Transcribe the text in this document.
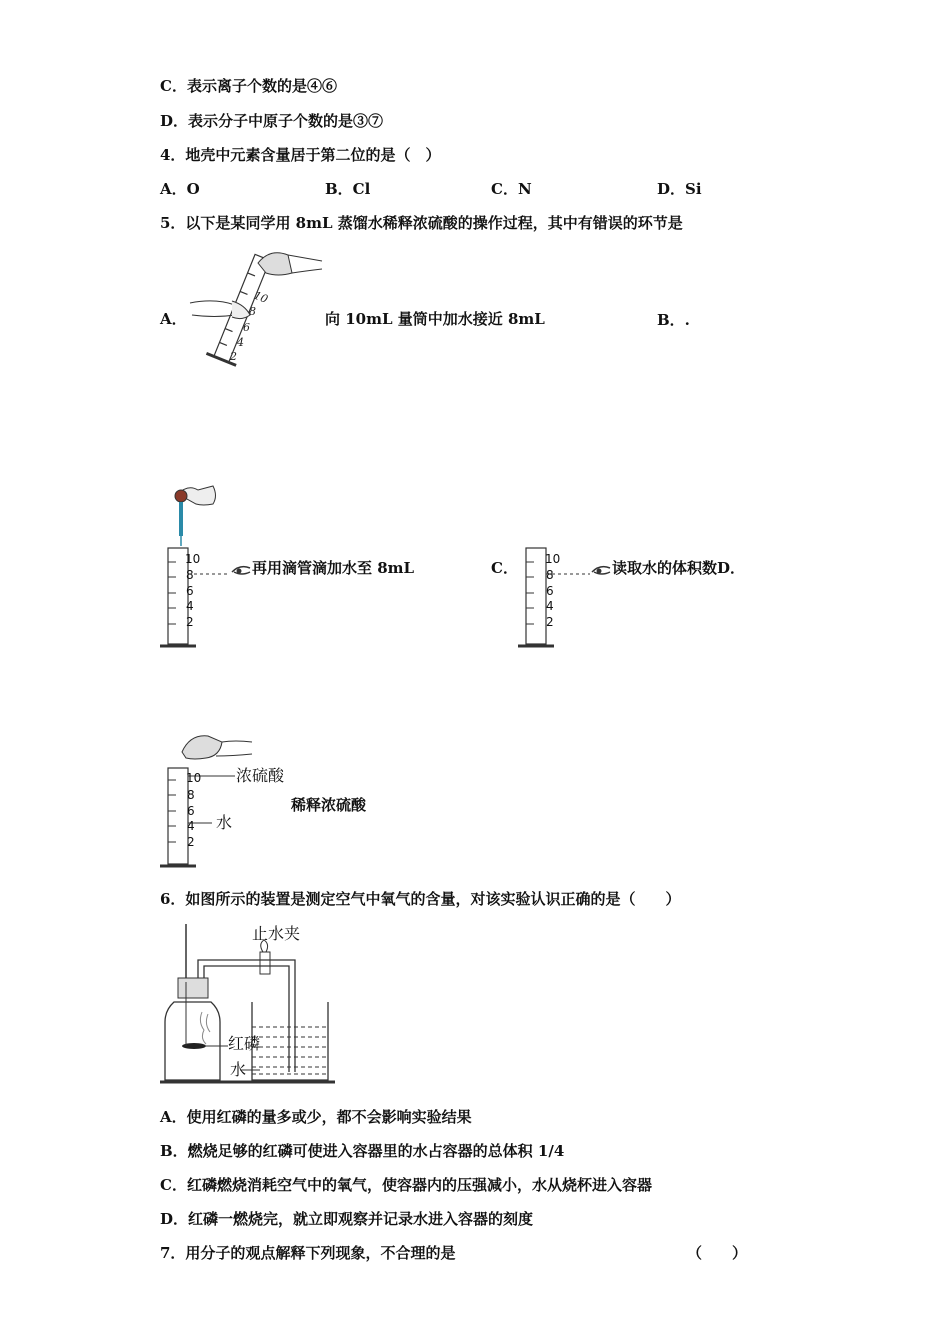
C．表示离子个数的是④⑥
D．表示分子中原子个数的是③⑦
4．地壳中元素含量居于第二位的是（　）
A．O	B．Cl	C．N	D．Si
5．以下是某同学用 8mL 蒸馏水稀释浓硫酸的操作过程，其中有错误的环节是
A．
10
8
6
4
2
向 10mL 量筒中加水接近 8mL	B．.
10
8
6
4
2
再用滴管滴加水至 8mL	C． 10
8
6
4
2
读取水的体积数D．
10
8
6
4
2
浓硫酸
水
稀释浓硫酸
6．如图所示的装置是测定空气中氧气的含量，对该实验认识正确的是（　　）
止水夹
红磷
水
A．使用红磷的量多或少，都不会影响实验结果
B．燃烧足够的红磷可使进入容器里的水占容器的总体积 1/4
C．红磷燃烧消耗空气中的氧气，使容器内的压强减小，水从烧杯进入容器
D．红磷一燃烧完，就立即观察并记录水进入容器的刻度
7．用分子的观点解释下列现象，不合理的是	（　　）
